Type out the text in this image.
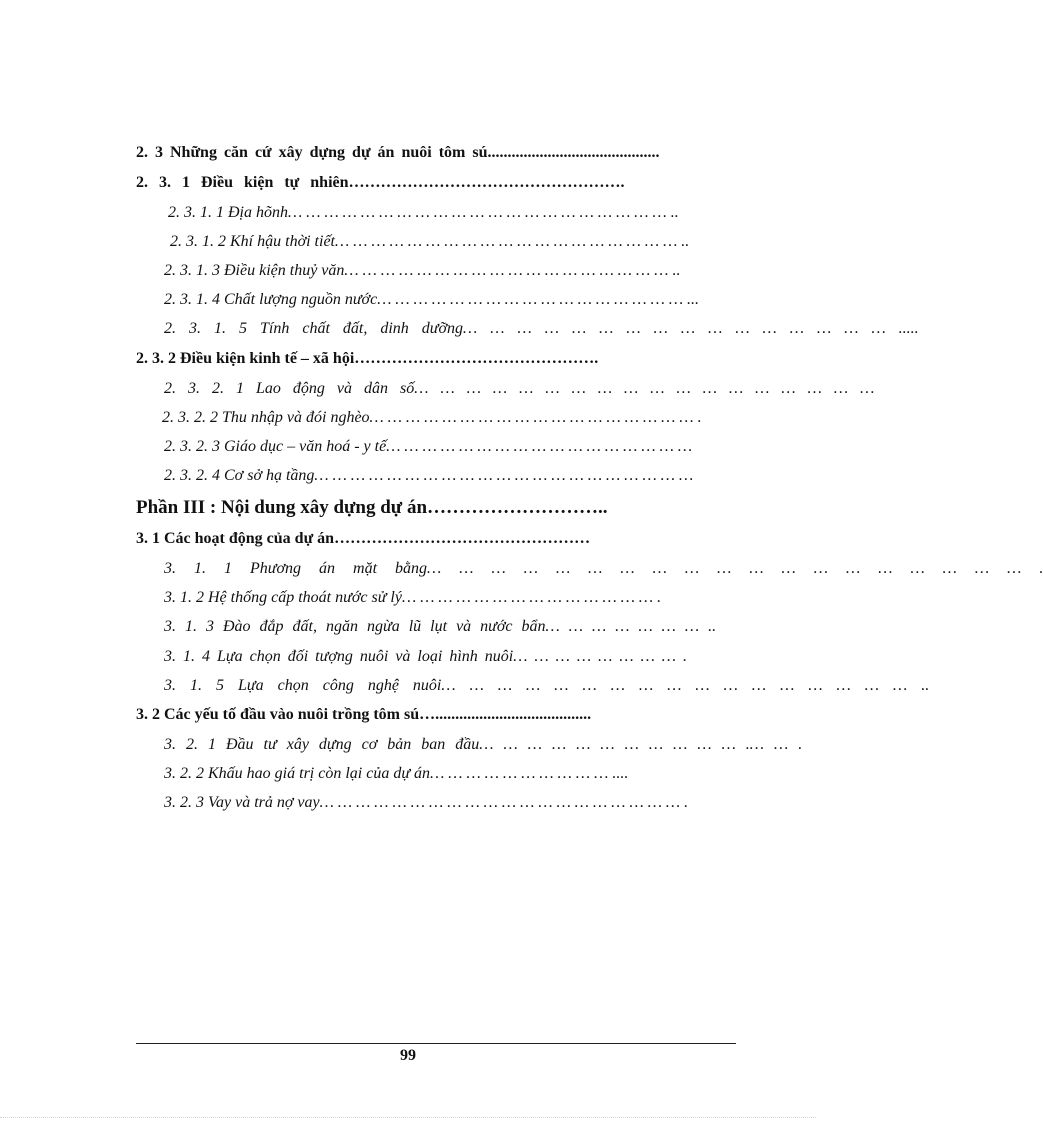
2. 3 Những căn cứ xây dựng dự án nuôi tôm sú...........................................
2. 3. 1 Điều kiện tự nhiên…………………………………………….
2. 3. 1. 1 Địa hõnh… … … … … … … … … … … … … … … … … … … … … ..
2. 3. 1. 2 Khí hậu thời tiết… … … … … … … … … … … … … … … … … … … ..
2. 3. 1. 3 Điều kiện thuỷ văn… … … … … … … … … … … … … … … … … … ..
2. 3. 1. 4 Chất lượng nguồn nước… … … … … … … … … … … … … … … … … ...
2. 3. 1. 5 Tính chất đất, dinh dưỡng… … … … … … … … … … … … … … … … .....
2. 3. 2 Điều kiện kinh tế – xã hội……………………………………….
2. 3. 2. 1 Lao động và dân số… … … … … … … … … … … … … … … … … …
2. 3. 2. 2 Thu nhập và đói nghèo… … … … … … … … … … … … … … … … … … .
2. 3. 2. 3 Giáo dục – văn hoá - y tế… … … … … … … … … … … … … … … … …
2. 3. 2. 4 Cơ sở hạ tầng… … … … … … … … … … … … … … … … … … … … …
Phần III : Nội dung xây dựng dự án………………………..
3. 1 Các hoạt động của dự án…………………………………………
3. 1. 1 Phương án mặt bằng… … … … … … … … … … … … … … … … … … … .
3. 1. 2 Hệ thống cấp thoát nước sử lý… … … … … … … … … … … … … … .
3. 1. 3 Đào đắp đất, ngăn ngừa lũ lụt và nước bẩn… … … … … … … ..
3. 1. 4 Lựa chọn đối tượng nuôi và loại hình nuôi… … … … … … … … .
3. 1. 5 Lựa chọn công nghệ nuôi… … … … … … … … … … … … … … … … … ..
3. 2 Các yếu tố đầu vào nuôi trồng tôm sú….......................................
3. 2. 1 Đầu tư xây dựng cơ bản ban đầu… … … … … … … … … … … .… … .
3. 2. 2 Khấu hao giá trị còn lại của dự án… … … … … … … … … … ....
3. 2. 3 Vay và trả nợ vay… … … … … … … … … … … … … … … … … … … … .
99
